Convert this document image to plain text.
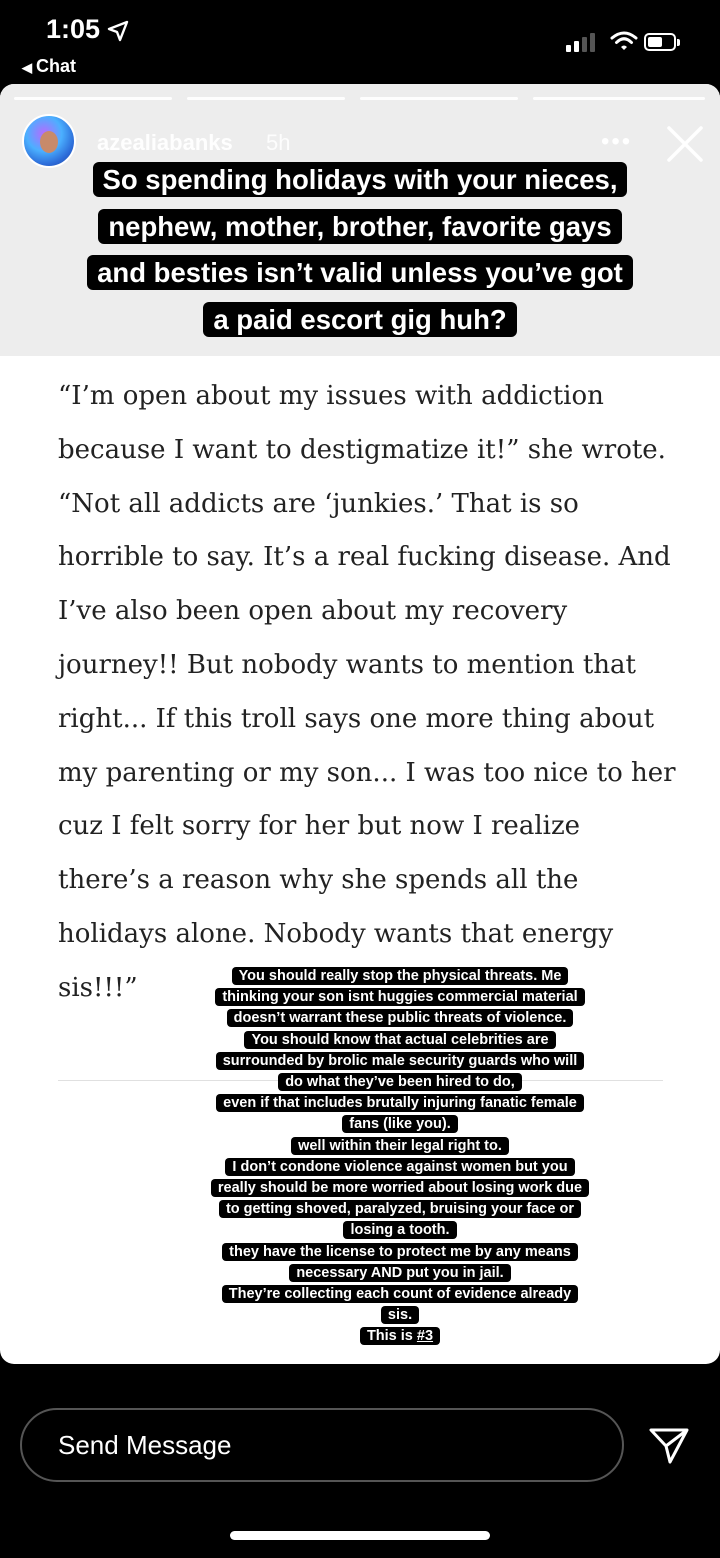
1:05
◀ Chat
azealiabanks 5h	•••
So spending holidays with your nieces,
nephew, mother, brother, favorite gays
and besties isn’t valid unless you’ve got
a paid escort gig huh?
“I’m open about my issues with addiction because I want to destigmatize it!” she wrote. “Not all addicts are ‘junkies.’ That is so horrible to say. It’s a real fucking disease. And I’ve also been open about my recovery journey!! But nobody wants to mention that right... If this troll says one more thing about my parenting or my son... I was too nice to her cuz I felt sorry for her but now I realize there’s a reason why she spends all the holidays alone. Nobody wants that energy sis!!!”	You should really stop the physical threats. Me
thinking your son isnt huggies commercial material
doesn’t warrant these public threats of violence.
You should know that actual celebrities are
surrounded by brolic male security guards who will
do what they’ve been hired to do,
even if that includes brutally injuring fanatic female
fans (like you).
well within their legal right to.
I don’t condone violence against women but you
really should be more worried about losing work due
to getting shoved, paralyzed, bruising your face or
losing a tooth.
they have the license to protect me by any means
necessary AND put you in jail.
They’re collecting each count of evidence already
sis.
This is #3
Send Message
